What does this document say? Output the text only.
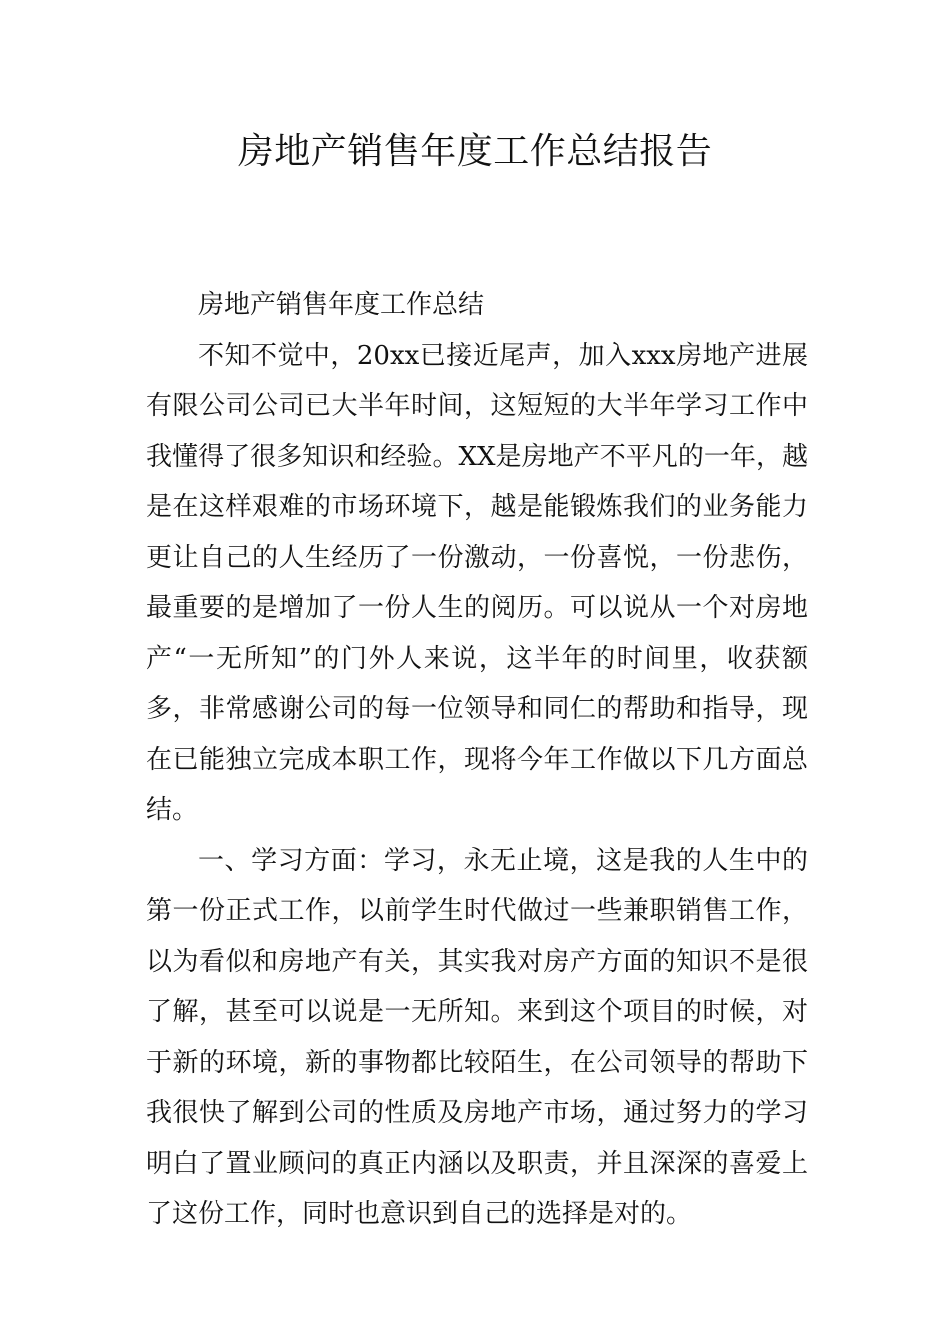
房地产销售年度工作总结报告

房地产销售年度工作总结

不知不觉中，20xx已接近尾声，加入xxx房地产进展有限公司公司已大半年时间，这短短的大半年学习工作中我懂得了很多知识和经验。XX是房地产不平凡的一年，越是在这样艰难的市场环境下，越是能锻炼我们的业务能力更让自己的人生经历了一份激动，一份喜悦，一份悲伤，最重要的是增加了一份人生的阅历。可以说从一个对房地产“一无所知”的门外人来说，这半年的时间里，收获额多，非常感谢公司的每一位领导和同仁的帮助和指导，现在已能独立完成本职工作，现将今年工作做以下几方面总结。

一、学习方面：学习，永无止境，这是我的人生中的第一份正式工作，以前学生时代做过一些兼职销售工作，以为看似和房地产有关，其实我对房产方面的知识不是很了解，甚至可以说是一无所知。来到这个项目的时候，对于新的环境，新的事物都比较陌生，在公司领导的帮助下我很快了解到公司的性质及房地产市场，通过努力的学习明白了置业顾问的真正内涵以及职责，并且深深的喜爱上了这份工作，同时也意识到自己的选择是对的。
